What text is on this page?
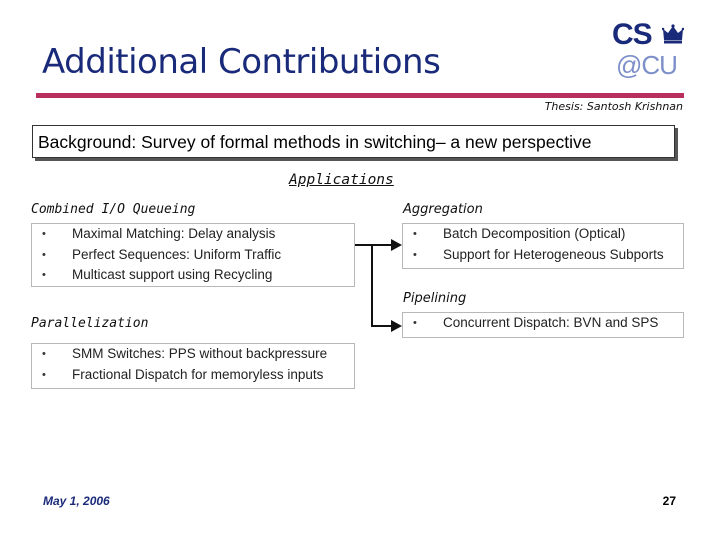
Additional Contributions
CS
@CU
Thesis: Santosh Krishnan
Background: Survey of formal methods in switching– a new perspective
Applications
Combined I/O Queueing
• Maximal Matching: Delay analysis
• Perfect Sequences: Uniform Traffic
• Multicast support using Recycling
Aggregation
• Batch Decomposition (Optical)
• Support for Heterogeneous Subports
Pipelining
• Concurrent Dispatch: BVN and SPS
Parallelization
• SMM Switches: PPS without backpressure
• Fractional Dispatch for memoryless inputs
May 1, 2006	27
